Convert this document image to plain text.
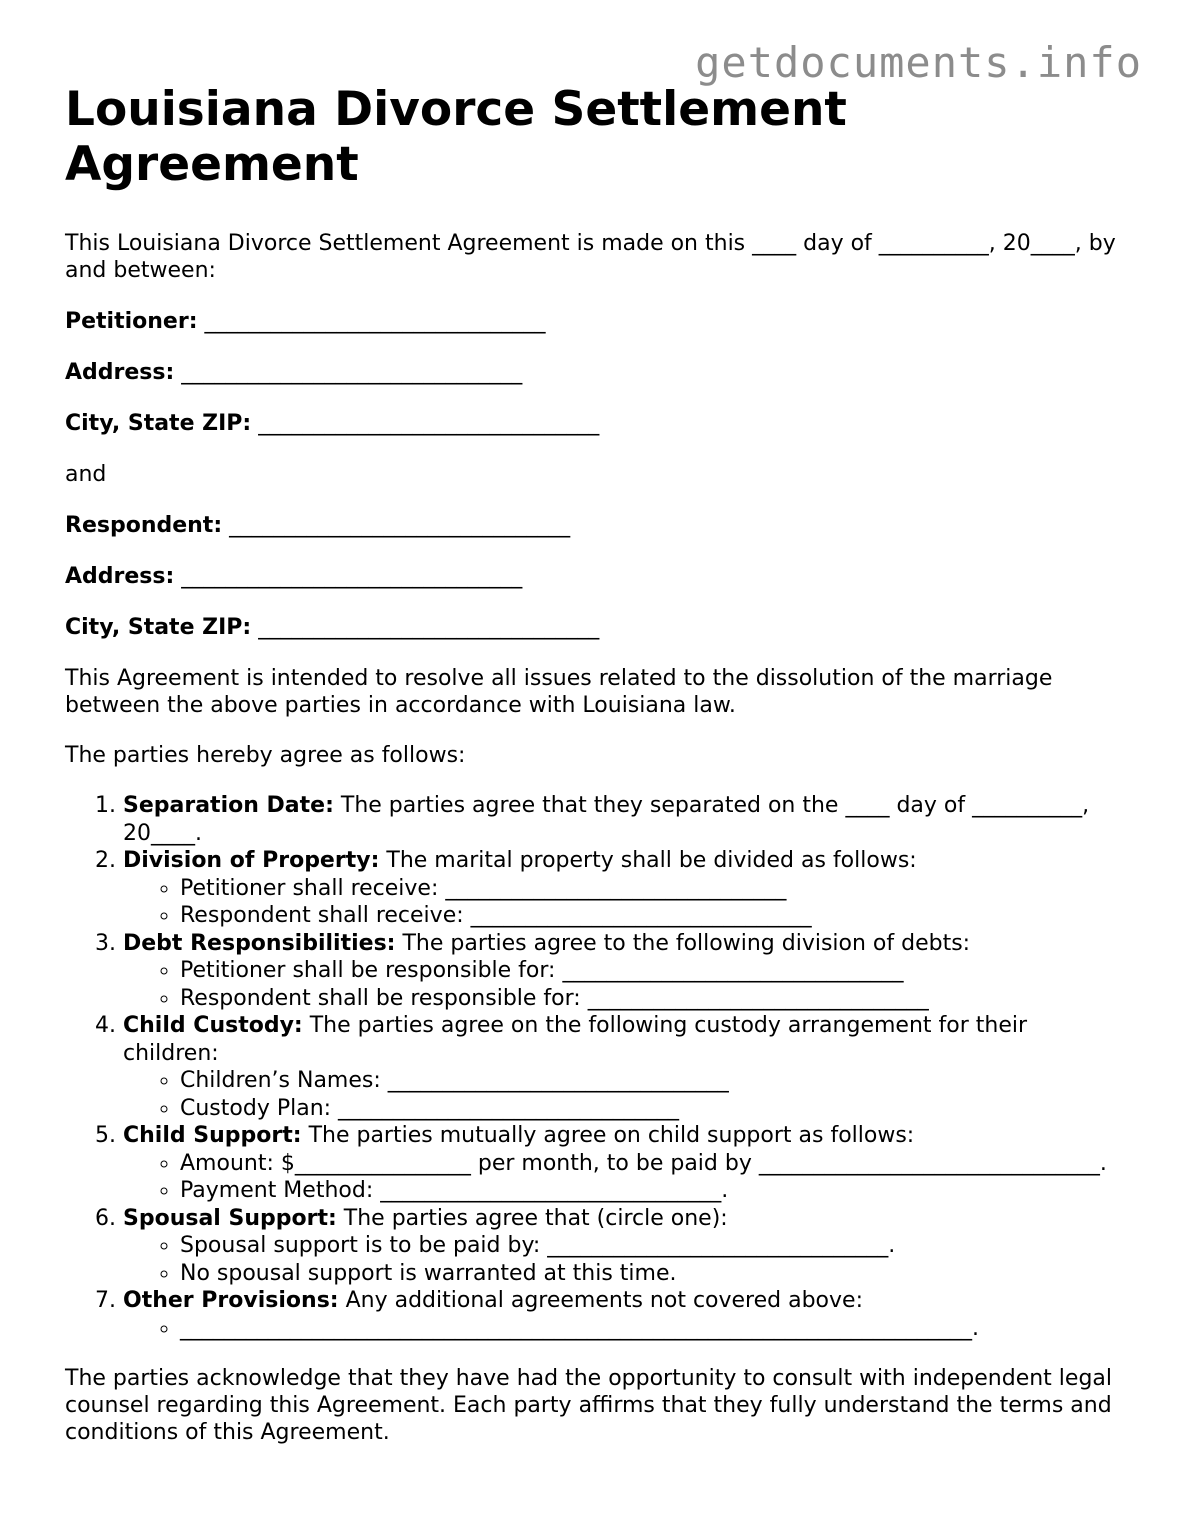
getdocuments.info
Louisiana Divorce Settlement Agreement

This Louisiana Divorce Settlement Agreement is made on this ____ day of __________, 20____, by and between:

Petitioner: _______________________________

Address: _______________________________

City, State ZIP: _______________________________

and

Respondent: _______________________________

Address: _______________________________

City, State ZIP: _______________________________

This Agreement is intended to resolve all issues related to the dissolution of the marriage between the above parties in accordance with Louisiana law.

The parties hereby agree as follows:

1. Separation Date: The parties agree that they separated on the ____ day of __________, 20____.
2. Division of Property: The marital property shall be divided as follows:
◦ Petitioner shall receive: _______________________________
◦ Respondent shall receive: _______________________________
3. Debt Responsibilities: The parties agree to the following division of debts:
◦ Petitioner shall be responsible for: _______________________________
◦ Respondent shall be responsible for: _______________________________
4. Child Custody: The parties agree on the following custody arrangement for their children:
◦ Children’s Names: _______________________________
◦ Custody Plan: _______________________________
5. Child Support: The parties mutually agree on child support as follows:
◦ Amount: $________________ per month, to be paid by _______________________________.
◦ Payment Method: _______________________________.
6. Spousal Support: The parties agree that (circle one):
◦ Spousal support is to be paid by: _______________________________.
◦ No spousal support is warranted at this time.
7. Other Provisions: Any additional agreements not covered above:
◦ ________________________________________________________________________.

The parties acknowledge that they have had the opportunity to consult with independent legal counsel regarding this Agreement. Each party affirms that they fully understand the terms and conditions of this Agreement.
